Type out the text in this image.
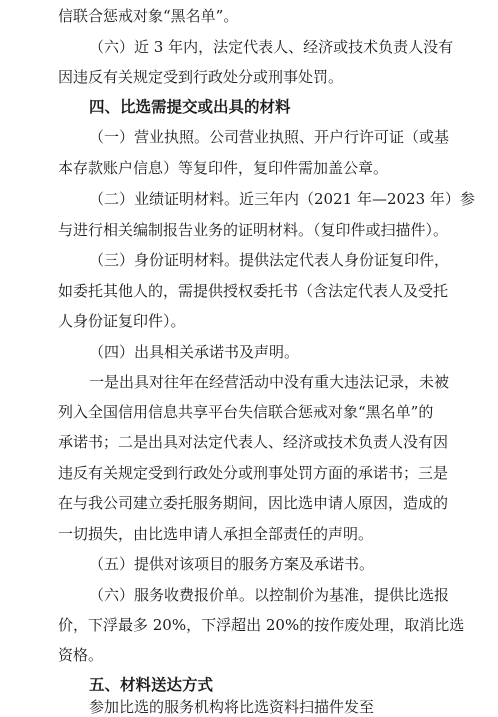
信联合惩戒对象“黑名单”。
（六）近 3 年内，法定代表人、经济或技术负责人没有
因违反有关规定受到行政处分或刑事处罚。
四、比选需提交或出具的材料
（一）营业执照。公司营业执照、开户行许可证（或基
本存款账户信息）等复印件，复印件需加盖公章。
（二）业绩证明材料。近三年内（2021 年—2023 年）参
与进行相关编制报告业务的证明材料。（复印件或扫描件）。
（三）身份证明材料。提供法定代表人身份证复印件，
如委托其他人的，需提供授权委托书（含法定代表人及受托
人身份证复印件）。
（四）出具相关承诺书及声明。
一是出具对往年在经营活动中没有重大违法记录，未被
列入全国信用信息共享平台失信联合惩戒对象“黑名单”的
承诺书；二是出具对法定代表人、经济或技术负责人没有因
违反有关规定受到行政处分或刑事处罚方面的承诺书；三是
在与我公司建立委托服务期间，因比选申请人原因，造成的
一切损失，由比选申请人承担全部责任的声明。
（五）提供对该项目的服务方案及承诺书。
（六）服务收费报价单。以控制价为基准，提供比选报
价，下浮最多 20%，下浮超出 20%的按作废处理，取消比选
资格。
五、材料送达方式
参加比选的服务机构将比选资料扫描件发至
